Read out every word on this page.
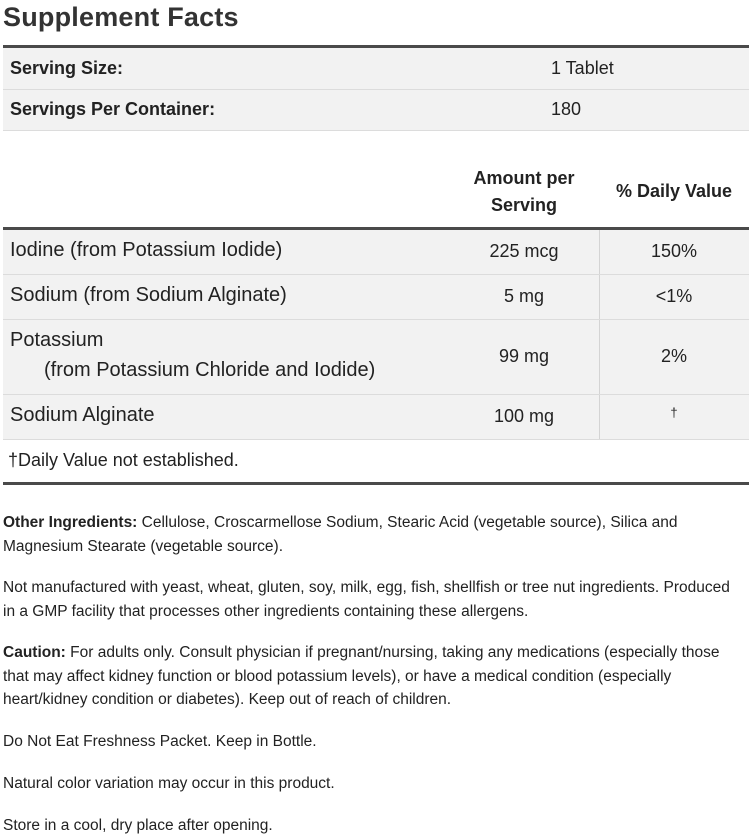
Supplement Facts
Serving Size:	1 Tablet
Servings Per Container:	180
Amount per
Serving
% Daily Value
Iodine (from Potassium Iodide)	225 mcg	150%
Sodium (from Sodium Alginate)	5 mg	<1%
Potassium
(from Potassium Chloride and Iodide)
99 mg	2%
Sodium Alginate	100 mg	†
†Daily Value not established.

Other Ingredients: Cellulose, Croscarmellose Sodium, Stearic Acid (vegetable source), Silica and Magnesium Stearate (vegetable source).

Not manufactured with yeast, wheat, gluten, soy, milk, egg, fish, shellfish or tree nut ingredients. Produced in a GMP facility that processes other ingredients containing these allergens.

Caution: For adults only. Consult physician if pregnant/nursing, taking any medications (especially those that may affect kidney function or blood potassium levels), or have a medical condition (especially heart/kidney condition or diabetes). Keep out of reach of children.

Do Not Eat Freshness Packet. Keep in Bottle.

Natural color variation may occur in this product.

Store in a cool, dry place after opening.
